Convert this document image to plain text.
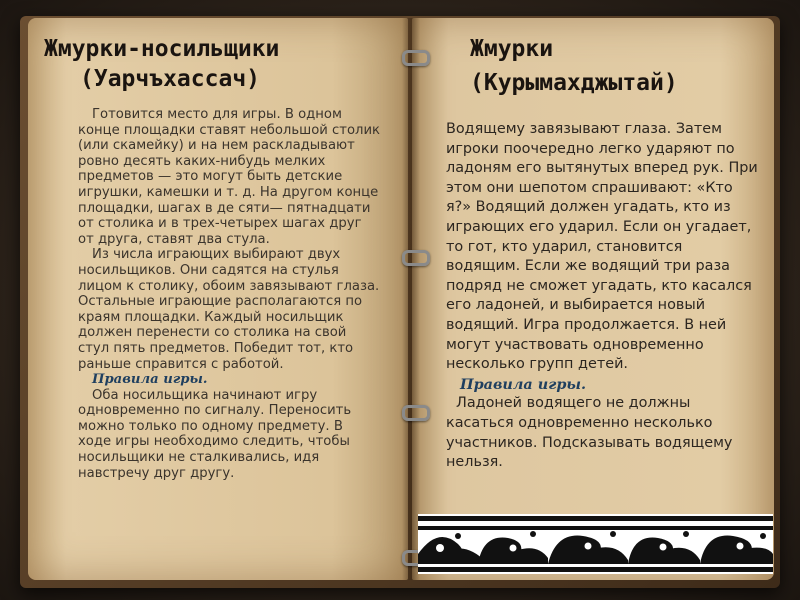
Жмурки-носильщики
(Уарчъхассач)

Готовится место для игры. В одном конце площадки ставят небольшой столик (или скамейку) и на нем раскладывают ровно десять каких-нибудь мелких предметов — это могут быть детские игрушки, камешки и т. д. На другом конце площадки, шагах в де сяти— пятнадцати от столика и в трех-четырех шагах друг от друга, ставят два стула.

Из числа играющих выбирают двух носильщиков. Они садятся на стулья лицом к столику, обоим завязывают глаза. Остальные играющие располагаются по краям площадки. Каждый носильщик должен перенести со столика на свой стул пять предметов. Победит тот, кто раньше справится с работой.

Правила игры.

Оба носильщика начинают игру одновременно по сигналу. Переносить можно только по одному предмету. В ходе игры необходимо следить, чтобы носильщики не сталкивались, идя навстречу друг другу.

Жмурки
(Курымахджытай)

Водящему завязывают глаза. Затем игроки поочередно легко ударяют по ладоням его вытянутых вперед рук. При этом они шепотом спрашивают: «Кто я?» Водящий должен угадать, кто из играющих его ударил. Если он угадает, то гот, кто ударил, становится водящим. Если же водящий три раза подряд не сможет угадать, кто касался его ладоней, и выбирается новый водящий. Игра продолжается. В ней могут участвовать одновременно несколько групп детей.

Правила игры.

Ладоней водящего не должны касаться одновременно несколько участников. Подсказывать водящему нельзя.
